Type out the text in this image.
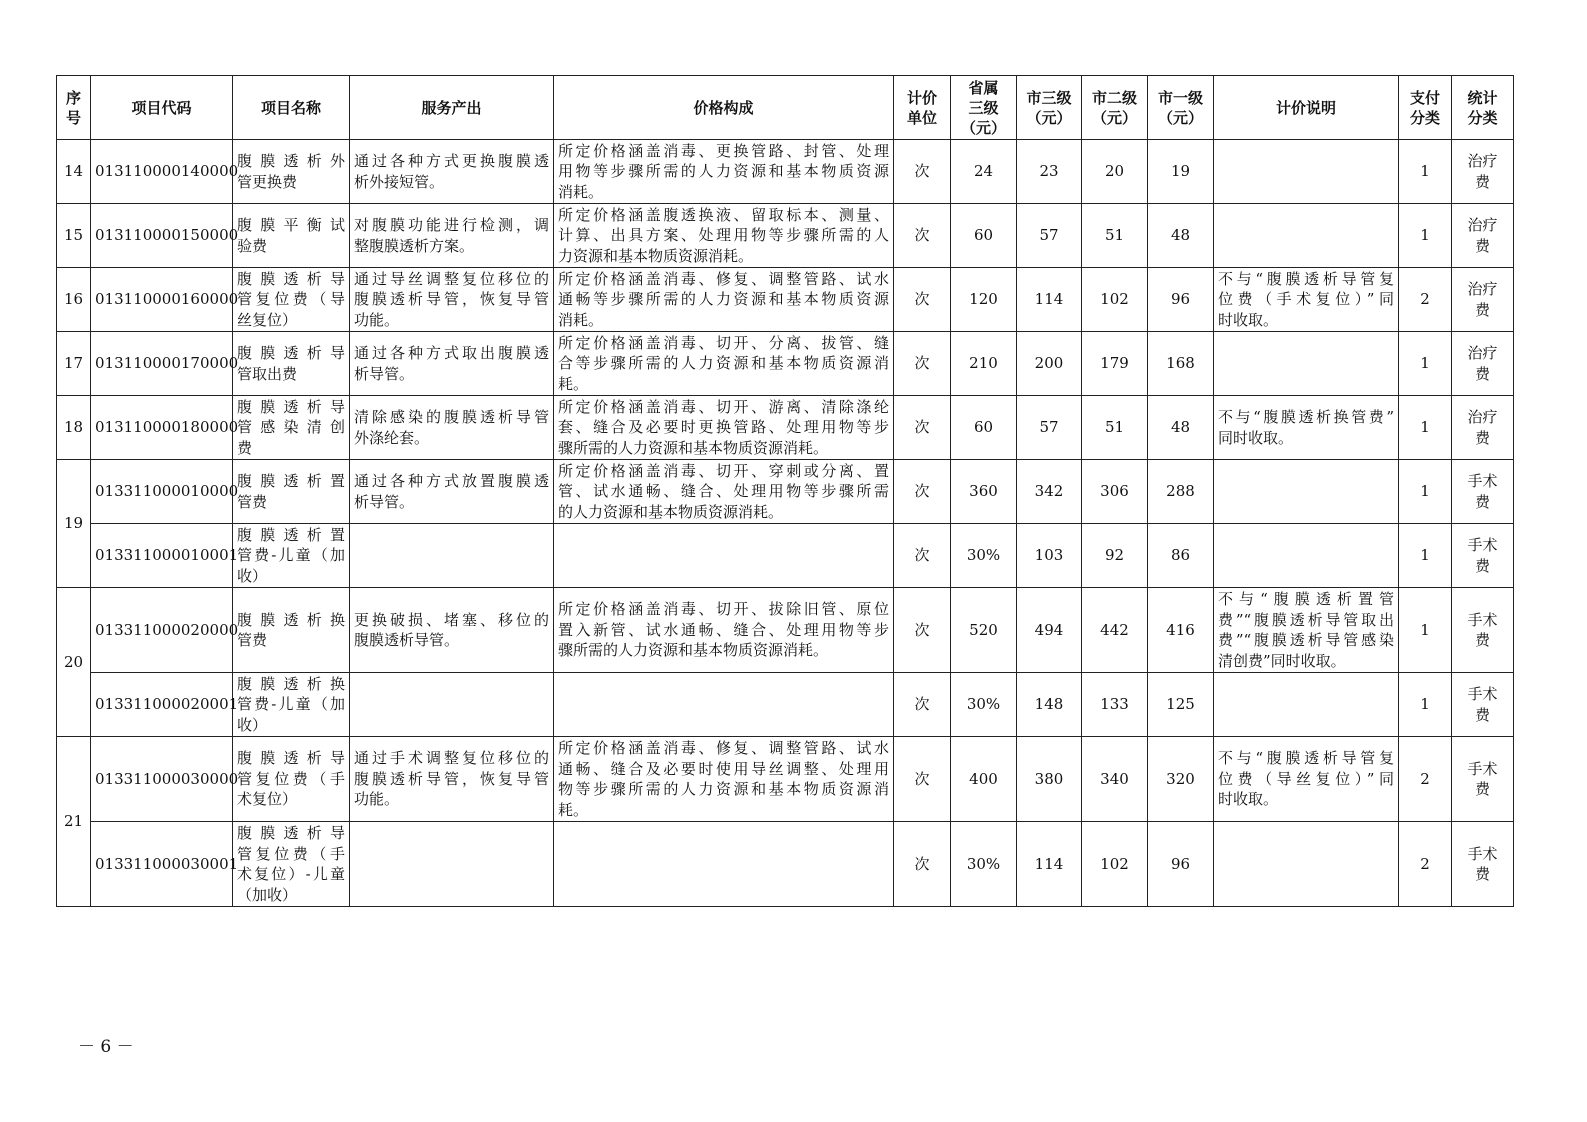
序
号	项目代码	项目名称	服务产出	价格构成	计价
单位	省属
三级
（元）	市三级
（元）	市二级
（元）	市一级
（元）	计价说明	支付
分类	统计
分类
14	013110000140000	腹膜透析外
管更换费	通过各种方式更换腹膜透
析外接短管。	所定价格涵盖消毒、更换管路、封管、处理
用物等步骤所需的人力资源和基本物质资源
消耗。	次	24	23	20	19		1	治疗
费

15	013110000150000	腹膜平衡试
验费	对腹膜功能进行检测，调
整腹膜透析方案。	所定价格涵盖腹透换液、留取标本、测量、
计算、出具方案、处理用物等步骤所需的人
力资源和基本物质资源消耗。	次	60	57	51	48		1	治疗
费

16	013110000160000	腹膜透析导
管复位费（导
丝复位）	通过导丝调整复位移位的
腹膜透析导管，恢复导管
功能。	所定价格涵盖消毒、修复、调整管路、试水
通畅等步骤所需的人力资源和基本物质资源
消耗。	次	120	114	102	96	不与“腹膜透析导管复
位费（手术复位）”同
时收取。	2	治疗
费

17	013110000170000	腹膜透析导
管取出费	通过各种方式取出腹膜透
析导管。	所定价格涵盖消毒、切开、分离、拔管、缝
合等步骤所需的人力资源和基本物质资源消
耗。	次	210	200	179	168		1	治疗
费

18	013110000180000	腹膜透析导
管感染清创
费	清除感染的腹膜透析导管
外涤纶套。	所定价格涵盖消毒、切开、游离、清除涤纶
套、缝合及必要时更换管路、处理用物等步
骤所需的人力资源和基本物质资源消耗。	次	60	57	51	48	不与“腹膜透析换管费”
同时收取。	1	治疗
费

19	013311000010000	腹膜透析置
管费	通过各种方式放置腹膜透
析导管。	所定价格涵盖消毒、切开、穿刺或分离、置
管、试水通畅、缝合、处理用物等步骤所需
的人力资源和基本物质资源消耗。	次	360	342	306	288		1	手术
费

	013311000010001	腹膜透析置
管费-儿童（加
收）			次	30%	103	92	86		1	手术
费

20	013311000020000	腹膜透析换
管费	更换破损、堵塞、移位的
腹膜透析导管。	所定价格涵盖消毒、切开、拔除旧管、原位
置入新管、试水通畅、缝合、处理用物等步
骤所需的人力资源和基本物质资源消耗。	次	520	494	442	416	不与“腹膜透析置管
费”“腹膜透析导管取出
费”“腹膜透析导管感染
清创费”同时收取。	1	手术
费

	013311000020001	腹膜透析换
管费-儿童（加
收）			次	30%	148	133	125		1	手术
费

21	013311000030000	腹膜透析导
管复位费（手
术复位）	通过手术调整复位移位的
腹膜透析导管，恢复导管
功能。	所定价格涵盖消毒、修复、调整管路、试水
通畅、缝合及必要时使用导丝调整、处理用
物等步骤所需的人力资源和基本物质资源消
耗。	次	400	380	340	320	不与“腹膜透析导管复
位费（导丝复位）”同
时收取。	2	手术
费

	013311000030001	腹膜透析导
管复位费（手
术复位）-儿童
（加收）			次	30%	114	102	96		2	手术
费
－ 6 －
